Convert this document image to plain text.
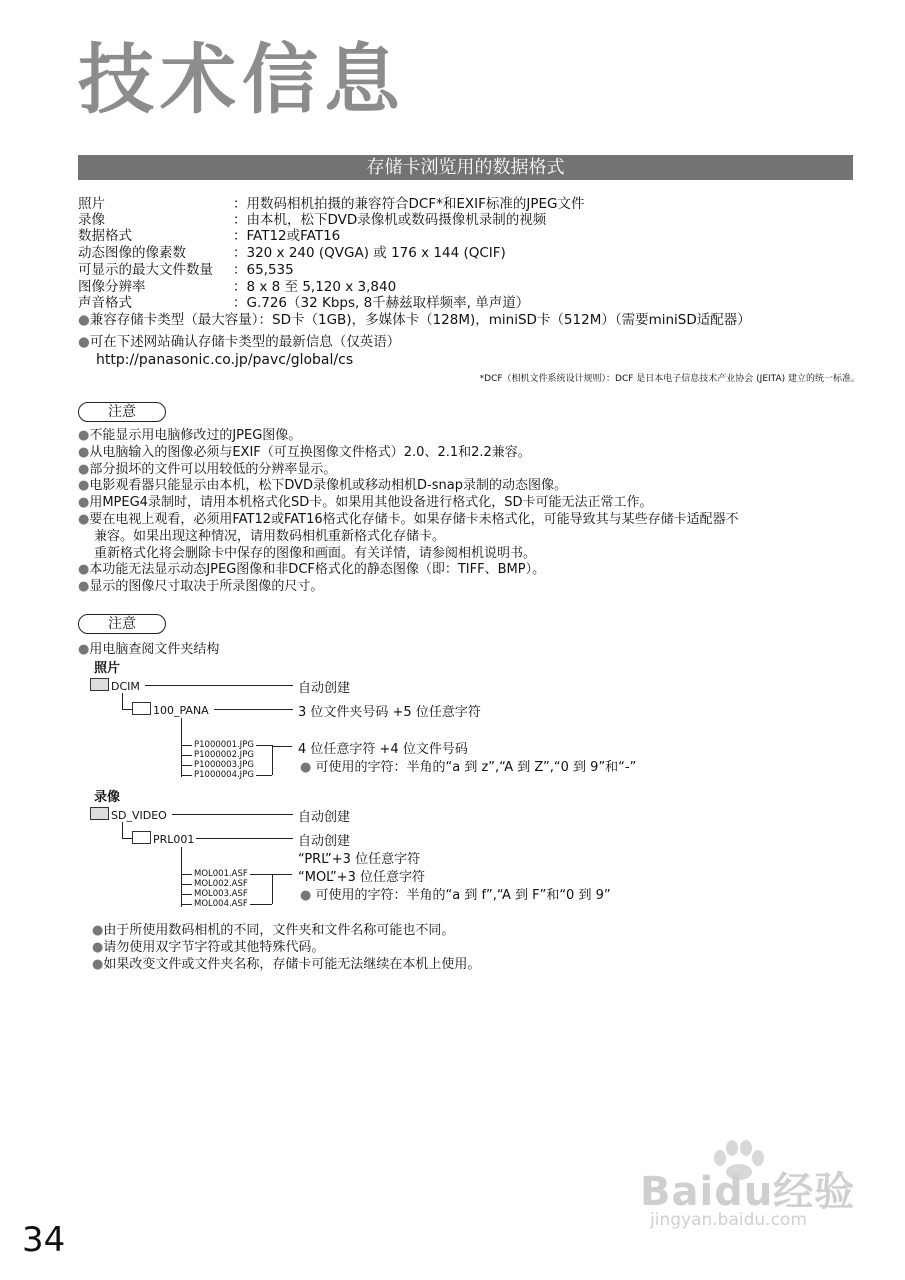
技术信息
存储卡浏览用的数据格式
照片	：用数码相机拍摄的兼容符合DCF*和EXIF标准的JPEG文件
录像	：由本机，松下DVD录像机或数码摄像机录制的视频
数据格式	：FAT12或FAT16
动态图像的像素数	：320 x 240 (QVGA) 或 176 x 144 (QCIF)
可显示的最大文件数量 ：65,535
图像分辨率	：8 x 8 至 5,120 x 3,840
声音格式	：G.726（32 Kbps, 8千赫兹取样频率, 单声道）
●兼容存储卡类型（最大容量）：SD卡（1GB)，多媒体卡（128M)，miniSD卡（512M）（需要miniSD适配器）
●可在下述网站确认存储卡类型的最新信息（仅英语）
http://panasonic.co.jp/pavc/global/cs
*DCF（相机文件系统设计规则）：DCF 是日本电子信息技术产业协会 (JEITA) 建立的统一标准。
注意
●不能显示用电脑修改过的JPEG图像。
●从电脑输入的图像必须与EXIF（可互换图像文件格式）2.0、2.1和2.2兼容。
●部分损坏的文件可以用较低的分辨率显示。
●电影观看器只能显示由本机，松下DVD录像机或移动相机D-snap录制的动态图像。
●用MPEG4录制时，请用本机格式化SD卡。如果用其他设备进行格式化，SD卡可能无法正常工作。
●要在电视上观看，必须用FAT12或FAT16格式化存储卡。如果存储卡未格式化，可能导致其与某些存储卡适配器不
兼容。如果出现这种情况，请用数码相机重新格式化存储卡。
重新格式化将会删除卡中保存的图像和画面。有关详情，请参阅相机说明书。
●本功能无法显示动态JPEG图像和非DCF格式化的静态图像（即：TIFF、BMP）。
●显示的图像尺寸取决于所录图像的尺寸。
注意
●用电脑查阅文件夹结构
照片
DCIM	自动创建
100_PANA	3 位文件夹号码 +5 位任意字符
P1000001.JPG
P1000002.JPG
P1000003.JPG
P1000004.JPG
4 位任意字符 +4 位文件号码
● 可使用的字符：半角的“a 到 z”,“A 到 Z”,“0 到 9”和“-”
录像
SD_VIDEO	自动创建
PRL001	自动创建
“PRL”+3 位任意字符
MOL001.ASF
MOL002.ASF
MOL003.ASF
MOL004.ASF
“MOL”+3 位任意字符
● 可使用的字符：半角的“a 到 f”,“A 到 F”和“0 到 9”
●由于所使用数码相机的不同，文件夹和文件名称可能也不同。
●请勿使用双字节字符或其他特殊代码。
●如果改变文件或文件夹名称，存储卡可能无法继续在本机上使用。
Baidu经验
jingyan.baidu.com
34
